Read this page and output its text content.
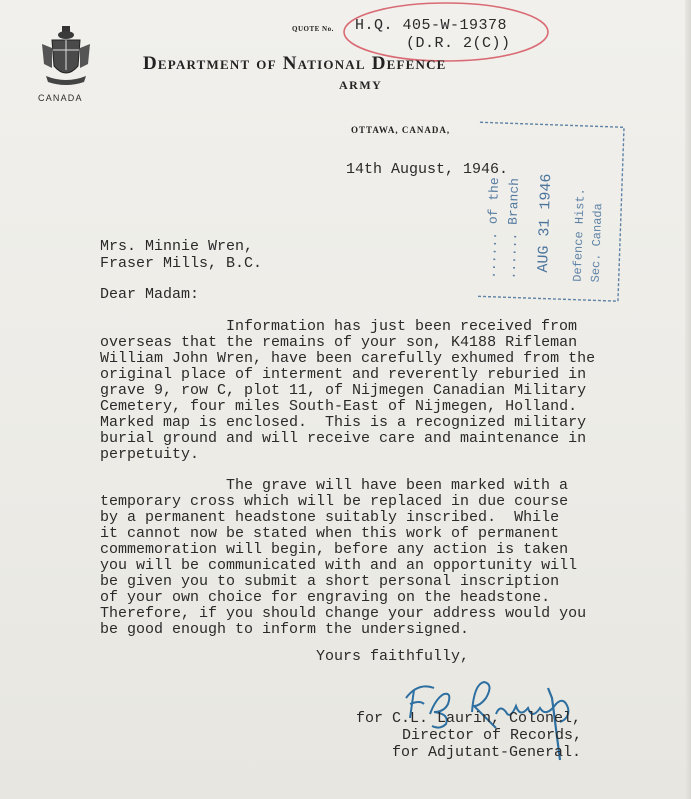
CANADA
QUOTE No. H.Q. 405-W-19378
(D.R. 2(C))
Department of National Defence
ARMY
OTTAWA, CANADA,
14th August, 1946.
...... of the ...... Branch AUG 31 1946 Defence Hist. Sec. Canada
Mrs. Minnie Wren,
Fraser Mills, B.C.
Dear Madam:
Information has just been received from
overseas that the remains of your son, K4188 Rifleman
William John Wren, have been carefully exhumed from the
original place of interment and reverently reburied in
grave 9, row C, plot 11, of Nijmegen Canadian Military
Cemetery, four miles South-East of Nijmegen, Holland.
Marked map is enclosed.  This is a recognized military
burial ground and will receive care and maintenance in
perpetuity.
The grave will have been marked with a
temporary cross which will be replaced in due course
by a permanent headstone suitably inscribed.  While
it cannot now be stated when this work of permanent
commemoration will begin, before any action is taken
you will be communicated with and an opportunity will
be given you to submit a short personal inscription
of your own choice for engraving on the headstone.
Therefore, if you should change your address would you
be good enough to inform the undersigned.
Yours faithfully,
for C.L. Laurin, Colonel,
Director of Records,
for Adjutant-General.
